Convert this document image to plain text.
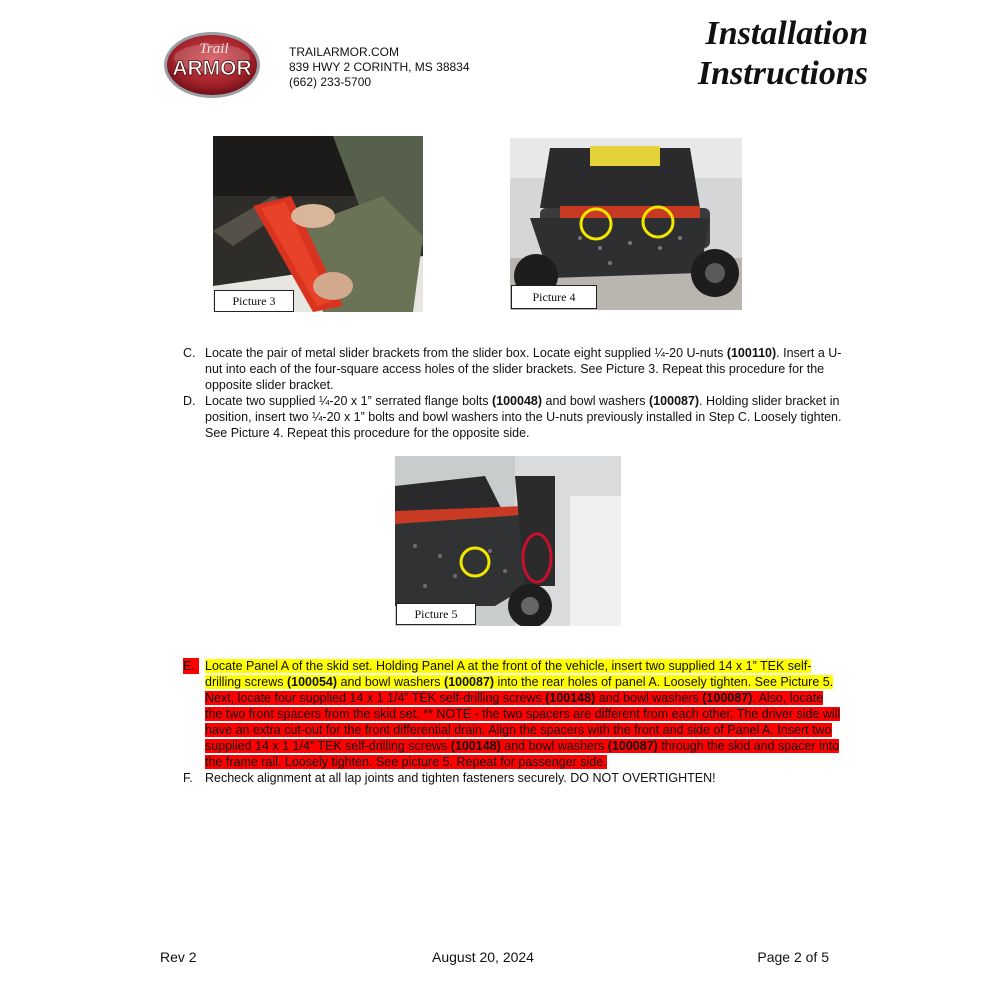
Trail
ARMOR
TRAILARMOR.COM
839 HWY 2 CORINTH, MS 38834
(662) 233-5700
Installation
Instructions
Picture 3	Picture 4
C. Locate the pair of metal slider brackets from the slider box. Locate eight supplied ¼-20 U-nuts (100110). Insert a U-nut into each of the four-square access holes of the slider brackets. See Picture 3. Repeat this procedure for the opposite slider bracket.
D. Locate two supplied ¼-20 x 1” serrated flange bolts (100048) and bowl washers (100087). Holding slider bracket in position, insert two ¼-20 x 1” bolts and bowl washers into the U-nuts previously installed in Step C. Loosely tighten. See Picture 4. Repeat this procedure for the opposite side.
Picture 5
E. Locate Panel A of the skid set. Holding Panel A at the front of the vehicle, insert two supplied 14 x 1” TEK self-drilling screws (100054) and bowl washers (100087) into the rear holes of panel A. Loosely tighten. See Picture 5. Next, locate four supplied 14 x 1 1/4” TEK self-drilling screws (100148) and bowl washers (100087). Also, locate the two front spacers from the skid set. ** NOTE - the two spacers are different from each other. The driver side will have an extra cut-out for the front differential drain. Align the spacers with the front and side of Panel A. Insert two supplied 14 x 1 1/4” TEK self-drilling screws (100148) and bowl washers (100087) through the skid and spacer into the frame rail. Loosely tighten. See picture 5. Repeat for passenger side.
F. Recheck alignment at all lap joints and tighten fasteners securely. DO NOT OVERTIGHTEN!
Rev 2	August 20, 2024	Page 2 of 5
